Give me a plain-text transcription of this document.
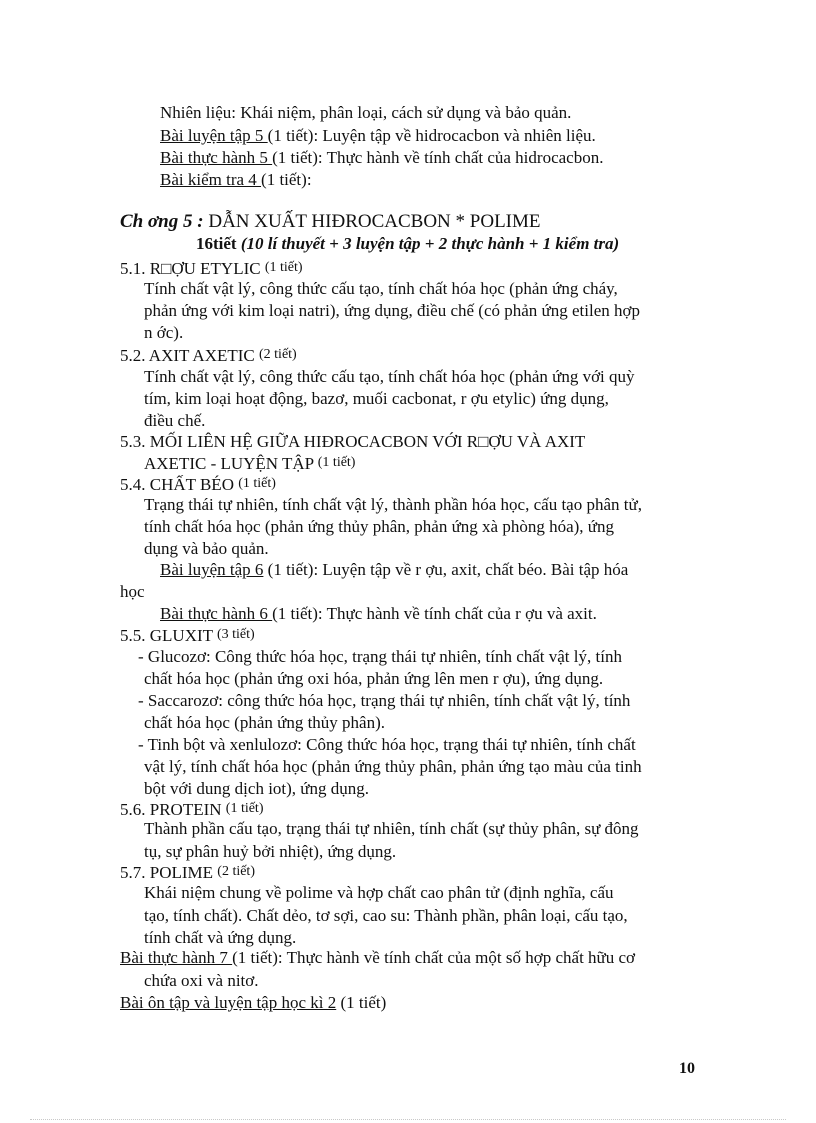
Nhiên liệu: Khái niệm, phân loại, cách sử dụng và bảo quản.
Bài luyện tập 5 (1 tiết): Luyện tập về hidrocacbon và nhiên liệu.
Bài thực hành 5 (1 tiết): Thực hành về tính chất của hidrocacbon.
Bài kiểm tra 4 (1 tiết):
Ch ơng 5 : DẪN XUẤT HIĐROCACBON * POLIME
16tiết (10 lí thuyết + 3 luyện tập + 2 thực hành + 1 kiểm tra)
5.1. R□ỢU ETYLIC (1 tiết)
Tính chất vật lý, công thức cấu tạo, tính chất hóa học (phản ứng cháy,
phản ứng với kim loại natri), ứng dụng, điều chế (có phản ứng etilen hợp
n ớc).
5.2. AXIT AXETIC (2 tiết)
Tính chất vật lý, công thức cấu tạo, tính chất hóa học (phản ứng với quỳ
tím, kim loại hoạt động, bazơ, muối cacbonat, r ợu etylic) ứng dụng,
điều chế.
5.3. MỐI LIÊN HỆ GIỮA HIĐROCACBON VỚI R□ỢU VÀ AXIT
AXETIC - LUYỆN TẬP (1 tiết)
5.4. CHẤT BÉO (1 tiết)
Trạng thái tự nhiên, tính chất vật lý, thành phần hóa học, cấu tạo phân tử,
tính chất hóa học (phản ứng thủy phân, phản ứng xà phòng hóa), ứng
dụng và bảo quản.
Bài luyện tập 6 (1 tiết): Luyện tập về r ợu, axit, chất béo. Bài tập hóa
học
Bài thực hành 6 (1 tiết): Thực hành về tính chất của r ợu và axit.
5.5. GLUXIT (3 tiết)
- Glucozơ: Công thức hóa học, trạng thái tự nhiên, tính chất vật lý, tính
chất hóa học (phản ứng oxi hóa, phản ứng lên men r ợu), ứng dụng.
- Saccarozơ: công thức hóa học, trạng thái tự nhiên, tính chất vật lý, tính
chất hóa học (phản ứng thủy phân).
- Tinh bột và xenlulozơ: Công thức hóa học, trạng thái tự nhiên, tính chất
vật lý, tính chất hóa học (phản ứng thủy phân, phản ứng tạo màu của tinh
bột với dung dịch iot), ứng dụng.
5.6. PROTEIN (1 tiết)
Thành phần cấu tạo, trạng thái tự nhiên, tính chất (sự thủy phân, sự đông
tụ, sự phân huỷ bởi nhiệt), ứng dụng.
5.7. POLIME (2 tiết)
Khái niệm chung về polime và hợp chất cao phân tử (định nghĩa, cấu
tạo, tính chất). Chất dẻo, tơ sợi, cao su: Thành phần, phân loại, cấu tạo,
tính chất và ứng dụng.
Bài thực hành 7 (1 tiết): Thực hành về tính chất của một số hợp chất hữu cơ
chứa oxi và nitơ.
Bài ôn tập và luyện tập học kì 2 (1 tiết)
10
